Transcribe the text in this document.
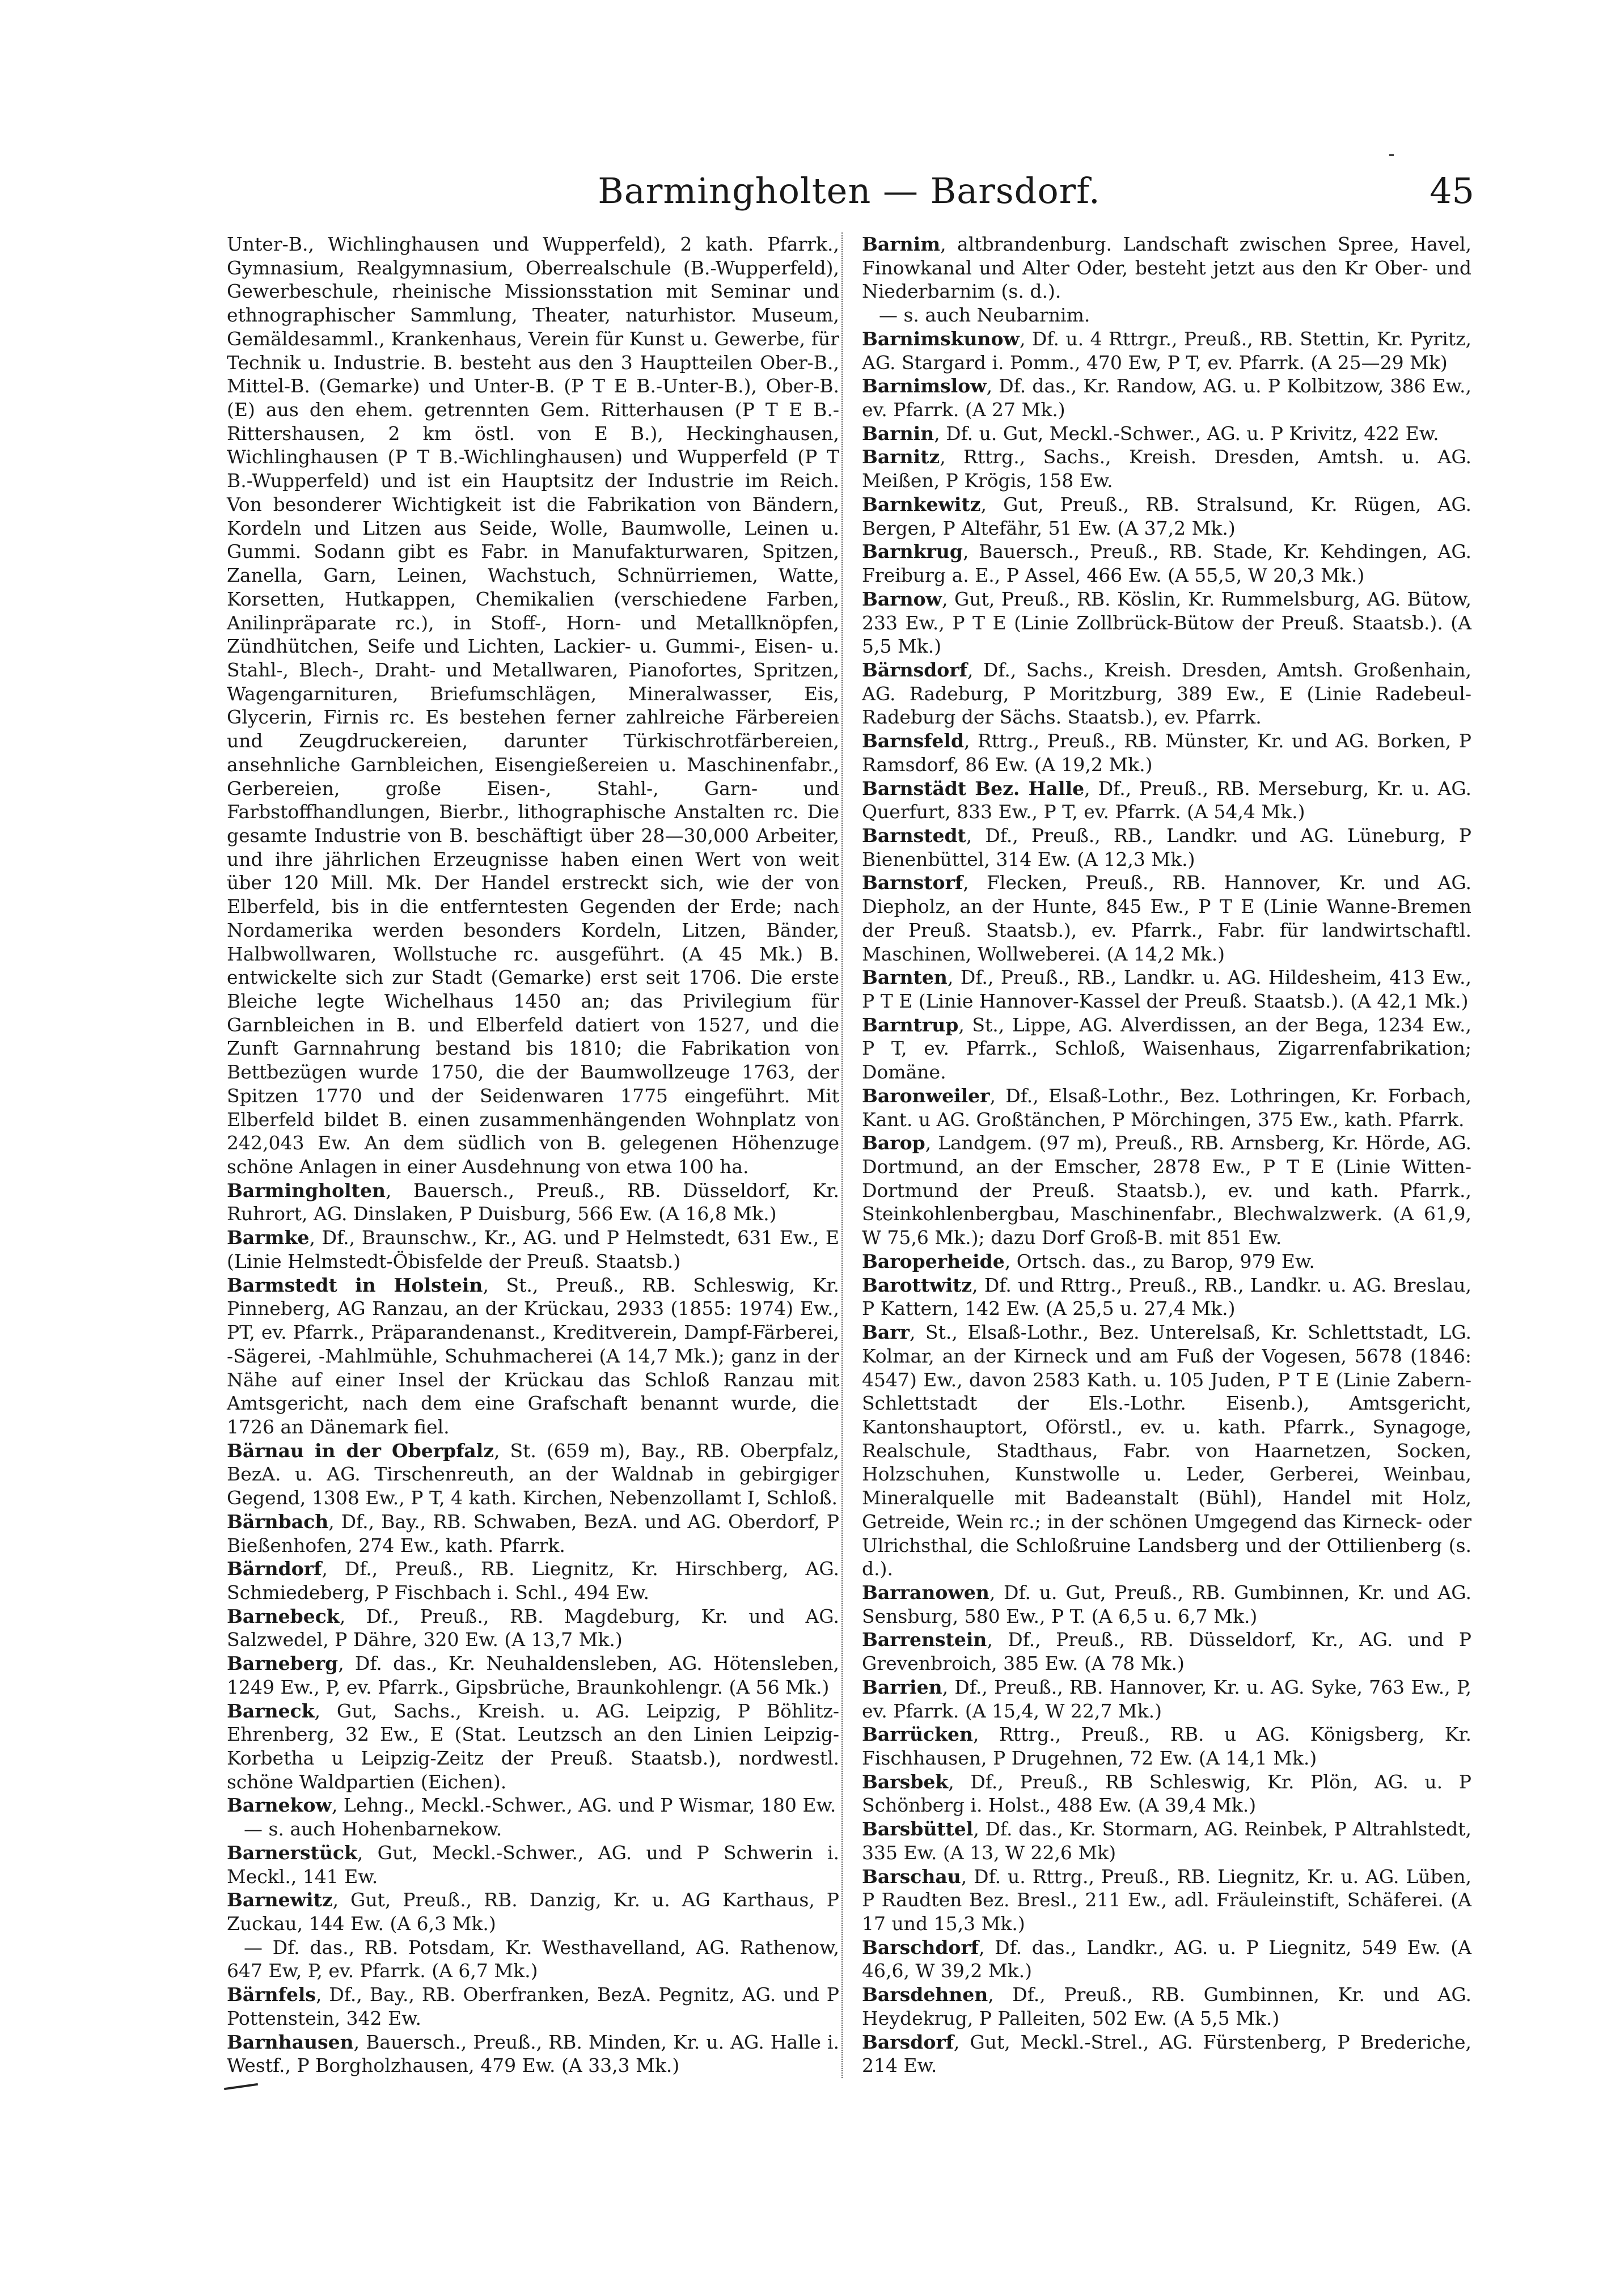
Barmingholten — Barsdorf.	45

Unter-B., Wichlinghausen und Wupperfeld), 2 kath. Pfarrk., Gymnasium, Realgymnasium, Oberrealschule (B.-Wupperfeld), Gewerbeschule, rheinische Missionsstation mit Seminar und ethnographischer Sammlung, Theater, naturhistor. Museum, Gemäldesamml., Krankenhaus, Verein für Kunst u. Gewerbe, für Technik u. Industrie. B. besteht aus den 3 Hauptteilen Ober-B., Mittel-B. (Gemarke) und Unter-B. (P T E B.-Unter-B.), Ober-B. (E) aus den ehem. getrennten Gem. Ritterhausen (P T E B.-Rittershausen, 2 km östl. von E B.), Heckinghausen, Wichlinghausen (P T B.-Wichlinghausen) und Wupperfeld (P T B.-Wupperfeld) und ist ein Hauptsitz der Industrie im Reich. Von besonderer Wichtigkeit ist die Fabrikation von Bändern, Kordeln und Litzen aus Seide, Wolle, Baumwolle, Leinen u. Gummi. Sodann gibt es Fabr. in Manufakturwaren, Spitzen, Zanella, Garn, Leinen, Wachstuch, Schnürriemen, Watte, Korsetten, Hutkappen, Chemikalien (verschiedene Farben, Anilinpräparate rc.), in Stoff-, Horn- und Metallknöpfen, Zündhütchen, Seife und Lichten, Lackier- u. Gummi-, Eisen- u. Stahl-, Blech-, Draht- und Metallwaren, Pianofortes, Spritzen, Wagengarnituren, Briefumschlägen, Mineralwasser, Eis, Glycerin, Firnis rc. Es bestehen ferner zahlreiche Färbereien und Zeugdruckereien, darunter Türkischrotfärbereien, ansehnliche Garnbleichen, Eisengießereien u. Maschinenfabr., Gerbereien, große Eisen-, Stahl-, Garn- und Farbstoffhandlungen, Bierbr., lithographische Anstalten rc. Die gesamte Industrie von B. beschäftigt über 28—30,000 Arbeiter, und ihre jährlichen Erzeugnisse haben einen Wert von weit über 120 Mill. Mk. Der Handel erstreckt sich, wie der von Elberfeld, bis in die entferntesten Gegenden der Erde; nach Nordamerika werden besonders Kordeln, Litzen, Bänder, Halbwollwaren, Wollstuche rc. ausgeführt. (A 45 Mk.) B. entwickelte sich zur Stadt (Gemarke) erst seit 1706. Die erste Bleiche legte Wichelhaus 1450 an; das Privilegium für Garnbleichen in B. und Elberfeld datiert von 1527, und die Zunft Garnnahrung bestand bis 1810; die Fabrikation von Bettbezügen wurde 1750, die der Baumwollzeuge 1763, der Spitzen 1770 und der Seidenwaren 1775 eingeführt. Mit Elberfeld bildet B. einen zusammenhängenden Wohnplatz von 242,043 Ew. An dem südlich von B. gelegenen Höhenzuge schöne Anlagen in einer Ausdehnung von etwa 100 ha.

Barmingholten, Bauersch., Preuß., RB. Düsseldorf, Kr. Ruhrort, AG. Dinslaken, P Duisburg, 566 Ew. (A 16,8 Mk.)

Barmke, Df., Braunschw., Kr., AG. und P Helmstedt, 631 Ew., E (Linie Helmstedt-Öbisfelde der Preuß. Staatsb.)

Barmstedt in Holstein, St., Preuß., RB. Schleswig, Kr. Pinneberg, AG Ranzau, an der Krückau, 2933 (1855: 1974) Ew., PT, ev. Pfarrk., Präparandenanst., Kreditverein, Dampf-Färberei, -Sägerei, -Mahlmühle, Schuhmacherei (A 14,7 Mk.); ganz in der Nähe auf einer Insel der Krückau das Schloß Ranzau mit Amtsgericht, nach dem eine Grafschaft benannt wurde, die 1726 an Dänemark fiel.

Bärnau in der Oberpfalz, St. (659 m), Bay., RB. Oberpfalz, BezA. u. AG. Tirschenreuth, an der Waldnab in gebirgiger Gegend, 1308 Ew., P T, 4 kath. Kirchen, Nebenzollamt I, Schloß.

Bärnbach, Df., Bay., RB. Schwaben, BezA. und AG. Oberdorf, P Bießenhofen, 274 Ew., kath. Pfarrk.

Bärndorf, Df., Preuß., RB. Liegnitz, Kr. Hirschberg, AG. Schmiedeberg, P Fischbach i. Schl., 494 Ew.

Barnebeck, Df., Preuß., RB. Magdeburg, Kr. und AG. Salzwedel, P Dähre, 320 Ew. (A 13,7 Mk.)

Barneberg, Df. das., Kr. Neuhaldensleben, AG. Hötensleben, 1249 Ew., P, ev. Pfarrk., Gipsbrüche, Braunkohlengr. (A 56 Mk.)

Barneck, Gut, Sachs., Kreish. u. AG. Leipzig, P Böhlitz-Ehrenberg, 32 Ew., E (Stat. Leutzsch an den Linien Leipzig-Korbetha u Leipzig-Zeitz der Preuß. Staatsb.), nordwestl. schöne Waldpartien (Eichen).

Barnekow, Lehng., Meckl.-Schwer., AG. und P Wismar, 180 Ew.

— s. auch Hohenbarnekow.

Barnerstück, Gut, Meckl.-Schwer., AG. und P Schwerin i. Meckl., 141 Ew.

Barnewitz, Gut, Preuß., RB. Danzig, Kr. u. AG Karthaus, P Zuckau, 144 Ew. (A 6,3 Mk.)

— Df. das., RB. Potsdam, Kr. Westhavelland, AG. Rathenow, 647 Ew, P, ev. Pfarrk. (A 6,7 Mk.)

Bärnfels, Df., Bay., RB. Oberfranken, BezA. Pegnitz, AG. und P Pottenstein, 342 Ew.

Barnhausen, Bauersch., Preuß., RB. Minden, Kr. u. AG. Halle i. Westf., P Borgholzhausen, 479 Ew. (A 33,3 Mk.)

Barnim, altbrandenburg. Landschaft zwischen Spree, Havel, Finowkanal und Alter Oder, besteht jetzt aus den Kr Ober- und Niederbarnim (s. d.).

— s. auch Neubarnim.

Barnimskunow, Df. u. 4 Rttrgr., Preuß., RB. Stettin, Kr. Pyritz, AG. Stargard i. Pomm., 470 Ew, P T, ev. Pfarrk. (A 25—29 Mk)

Barnimslow, Df. das., Kr. Randow, AG. u. P Kolbitzow, 386 Ew., ev. Pfarrk. (A 27 Mk.)

Barnin, Df. u. Gut, Meckl.-Schwer., AG. u. P Krivitz, 422 Ew.

Barnitz, Rttrg., Sachs., Kreish. Dresden, Amtsh. u. AG. Meißen, P Krögis, 158 Ew.

Barnkewitz, Gut, Preuß., RB. Stralsund, Kr. Rügen, AG. Bergen, P Altefähr, 51 Ew. (A 37,2 Mk.)

Barnkrug, Bauersch., Preuß., RB. Stade, Kr. Kehdingen, AG. Freiburg a. E., P Assel, 466 Ew. (A 55,5, W 20,3 Mk.)

Barnow, Gut, Preuß., RB. Köslin, Kr. Rummelsburg, AG. Bütow, 233 Ew., P T E (Linie Zollbrück-Bütow der Preuß. Staatsb.). (A 5,5 Mk.)

Bärnsdorf, Df., Sachs., Kreish. Dresden, Amtsh. Großenhain, AG. Radeburg, P Moritzburg, 389 Ew., E (Linie Radebeul-Radeburg der Sächs. Staatsb.), ev. Pfarrk.

Barnsfeld, Rttrg., Preuß., RB. Münster, Kr. und AG. Borken, P Ramsdorf, 86 Ew. (A 19,2 Mk.)

Barnstädt Bez. Halle, Df., Preuß., RB. Merseburg, Kr. u. AG. Querfurt, 833 Ew., P T, ev. Pfarrk. (A 54,4 Mk.)

Barnstedt, Df., Preuß., RB., Landkr. und AG. Lüneburg, P Bienenbüttel, 314 Ew. (A 12,3 Mk.)

Barnstorf, Flecken, Preuß., RB. Hannover, Kr. und AG. Diepholz, an der Hunte, 845 Ew., P T E (Linie Wanne-Bremen der Preuß. Staatsb.), ev. Pfarrk., Fabr. für landwirtschaftl. Maschinen, Wollweberei. (A 14,2 Mk.)

Barnten, Df., Preuß., RB., Landkr. u. AG. Hildesheim, 413 Ew., P T E (Linie Hannover-Kassel der Preuß. Staatsb.). (A 42,1 Mk.)

Barntrup, St., Lippe, AG. Alverdissen, an der Bega, 1234 Ew., P T, ev. Pfarrk., Schloß, Waisenhaus, Zigarrenfabrikation; Domäne.

Baronweiler, Df., Elsaß-Lothr., Bez. Lothringen, Kr. Forbach, Kant. u AG. Großtänchen, P Mörchingen, 375 Ew., kath. Pfarrk.

Barop, Landgem. (97 m), Preuß., RB. Arnsberg, Kr. Hörde, AG. Dortmund, an der Emscher, 2878 Ew., P T E (Linie Witten-Dortmund der Preuß. Staatsb.), ev. und kath. Pfarrk., Steinkohlenbergbau, Maschinenfabr., Blechwalzwerk. (A 61,9, W 75,6 Mk.); dazu Dorf Groß-B. mit 851 Ew.

Baroperheide, Ortsch. das., zu Barop, 979 Ew.

Barottwitz, Df. und Rttrg., Preuß., RB., Landkr. u. AG. Breslau, P Kattern, 142 Ew. (A 25,5 u. 27,4 Mk.)

Barr, St., Elsaß-Lothr., Bez. Unterelsaß, Kr. Schlettstadt, LG. Kolmar, an der Kirneck und am Fuß der Vogesen, 5678 (1846: 4547) Ew., davon 2583 Kath. u. 105 Juden, P T E (Linie Zabern-Schlettstadt der Els.-Lothr. Eisenb.), Amtsgericht, Kantonshauptort, Oförstl., ev. u. kath. Pfarrk., Synagoge, Realschule, Stadthaus, Fabr. von Haarnetzen, Socken, Holzschuhen, Kunstwolle u. Leder, Gerberei, Weinbau, Mineralquelle mit Badeanstalt (Bühl), Handel mit Holz, Getreide, Wein rc.; in der schönen Umgegend das Kirneck- oder Ulrichsthal, die Schloßruine Landsberg und der Ottilienberg (s. d.).

Barranowen, Df. u. Gut, Preuß., RB. Gumbinnen, Kr. und AG. Sensburg, 580 Ew., P T. (A 6,5 u. 6,7 Mk.)

Barrenstein, Df., Preuß., RB. Düsseldorf, Kr., AG. und P Grevenbroich, 385 Ew. (A 78 Mk.)

Barrien, Df., Preuß., RB. Hannover, Kr. u. AG. Syke, 763 Ew., P, ev. Pfarrk. (A 15,4, W 22,7 Mk.)

Barrücken, Rttrg., Preuß., RB. u AG. Königsberg, Kr. Fischhausen, P Drugehnen, 72 Ew. (A 14,1 Mk.)

Barsbek, Df., Preuß., RB Schleswig, Kr. Plön, AG. u. P Schönberg i. Holst., 488 Ew. (A 39,4 Mk.)

Barsbüttel, Df. das., Kr. Stormarn, AG. Reinbek, P Altrahlstedt, 335 Ew. (A 13, W 22,6 Mk)

Barschau, Df. u. Rttrg., Preuß., RB. Liegnitz, Kr. u. AG. Lüben, P Raudten Bez. Bresl., 211 Ew., adl. Fräuleinstift, Schäferei. (A 17 und 15,3 Mk.)

Barschdorf, Df. das., Landkr., AG. u. P Liegnitz, 549 Ew. (A 46,6, W 39,2 Mk.)

Barsdehnen, Df., Preuß., RB. Gumbinnen, Kr. und AG. Heydekrug, P Palleiten, 502 Ew. (A 5,5 Mk.)

Barsdorf, Gut, Meckl.-Strel., AG. Fürstenberg, P Brederiche, 214 Ew.
